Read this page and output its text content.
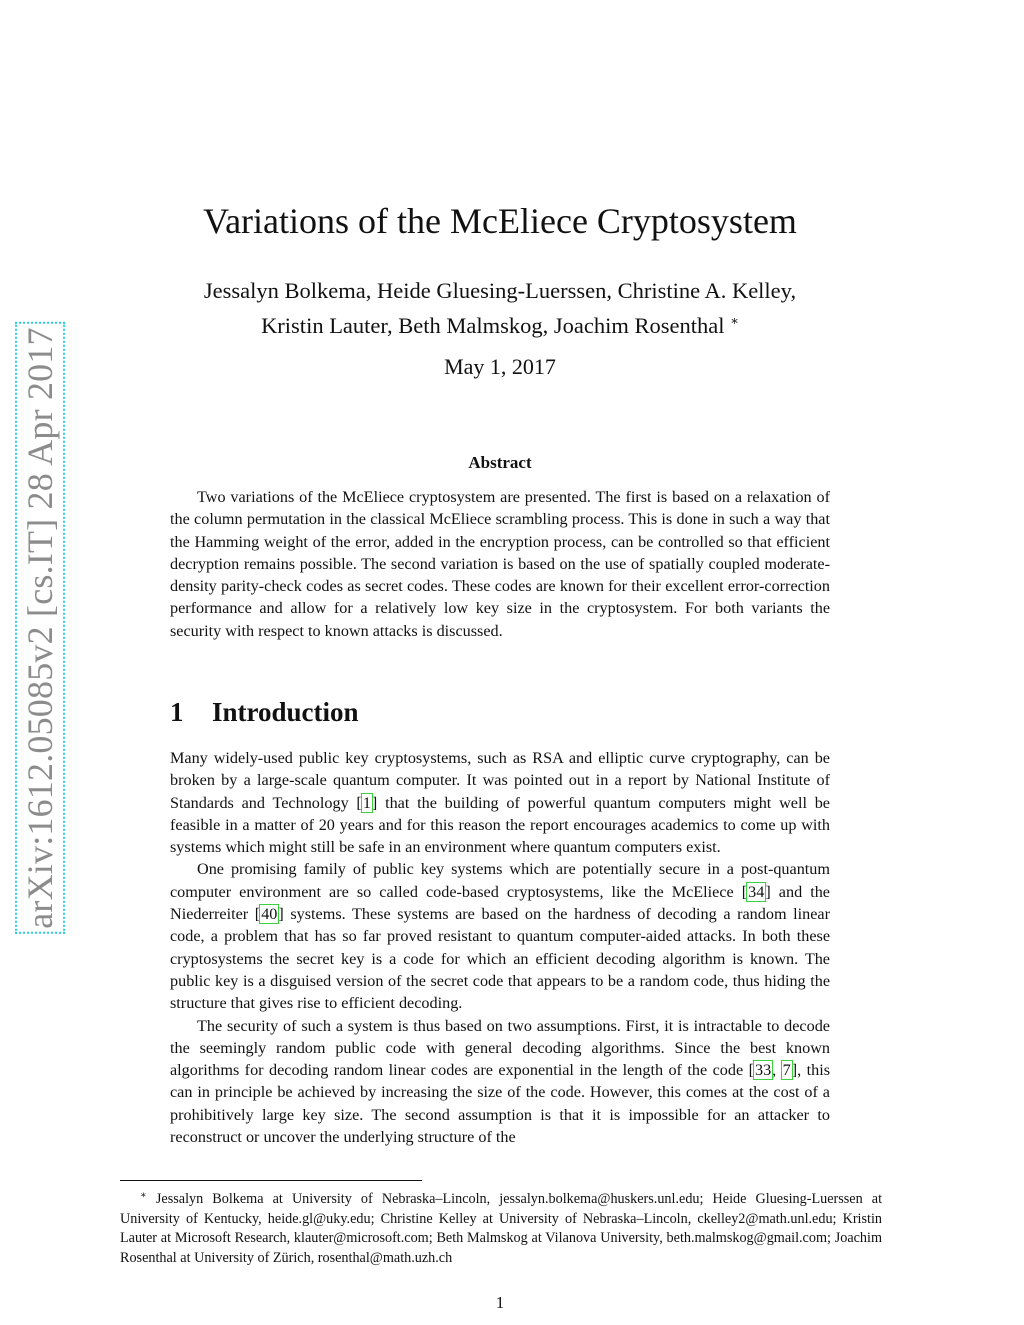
arXiv:1612.05085v2 [cs.IT] 28 Apr 2017
Variations of the McEliece Cryptosystem
Jessalyn Bolkema, Heide Gluesing-Luerssen, Christine A. Kelley,
Kristin Lauter, Beth Malmskog, Joachim Rosenthal ∗
May 1, 2017
Abstract

Two variations of the McEliece cryptosystem are presented. The first is based on a relaxation of the column permutation in the classical McEliece scrambling process. This is done in such a way that the Hamming weight of the error, added in the encryption process, can be controlled so that efficient decryption remains possible. The second variation is based on the use of spatially coupled moderate-density parity-check codes as secret codes. These codes are known for their excellent error-correction performance and allow for a relatively low key size in the cryptosystem. For both variants the security with respect to known attacks is discussed.

1 Introduction

Many widely-used public key cryptosystems, such as RSA and elliptic curve cryptography, can be broken by a large-scale quantum computer. It was pointed out in a report by National Institute of Standards and Technology [1] that the building of powerful quantum computers might well be feasible in a matter of 20 years and for this reason the report encourages academics to come up with systems which might still be safe in an environment where quantum computers exist.

One promising family of public key systems which are potentially secure in a post-quantum computer environment are so called code-based cryptosystems, like the McEliece [34] and the Niederreiter [40] systems. These systems are based on the hardness of decoding a random linear code, a problem that has so far proved resistant to quantum computer-aided attacks. In both these cryptosystems the secret key is a code for which an efficient decoding algorithm is known. The public key is a disguised version of the secret code that appears to be a random code, thus hiding the structure that gives rise to efficient decoding.

The security of such a system is thus based on two assumptions. First, it is intractable to decode the seemingly random public code with general decoding algorithms. Since the best known algorithms for decoding random linear codes are exponential in the length of the code [33, 7], this can in principle be achieved by increasing the size of the code. However, this comes at the cost of a prohibitively large key size. The second assumption is that it is impossible for an attacker to reconstruct or uncover the underlying structure of the

∗ Jessalyn Bolkema at University of Nebraska–Lincoln, jessalyn.bolkema@huskers.unl.edu; Heide Gluesing-Luerssen at University of Kentucky, heide.gl@uky.edu; Christine Kelley at University of Nebraska–Lincoln, ckelley2@math.unl.edu; Kristin Lauter at Microsoft Research, klauter@microsoft.com; Beth Malmskog at Vilanova University, beth.malmskog@gmail.com; Joachim Rosenthal at University of Zürich, rosenthal@math.uzh.ch

1
